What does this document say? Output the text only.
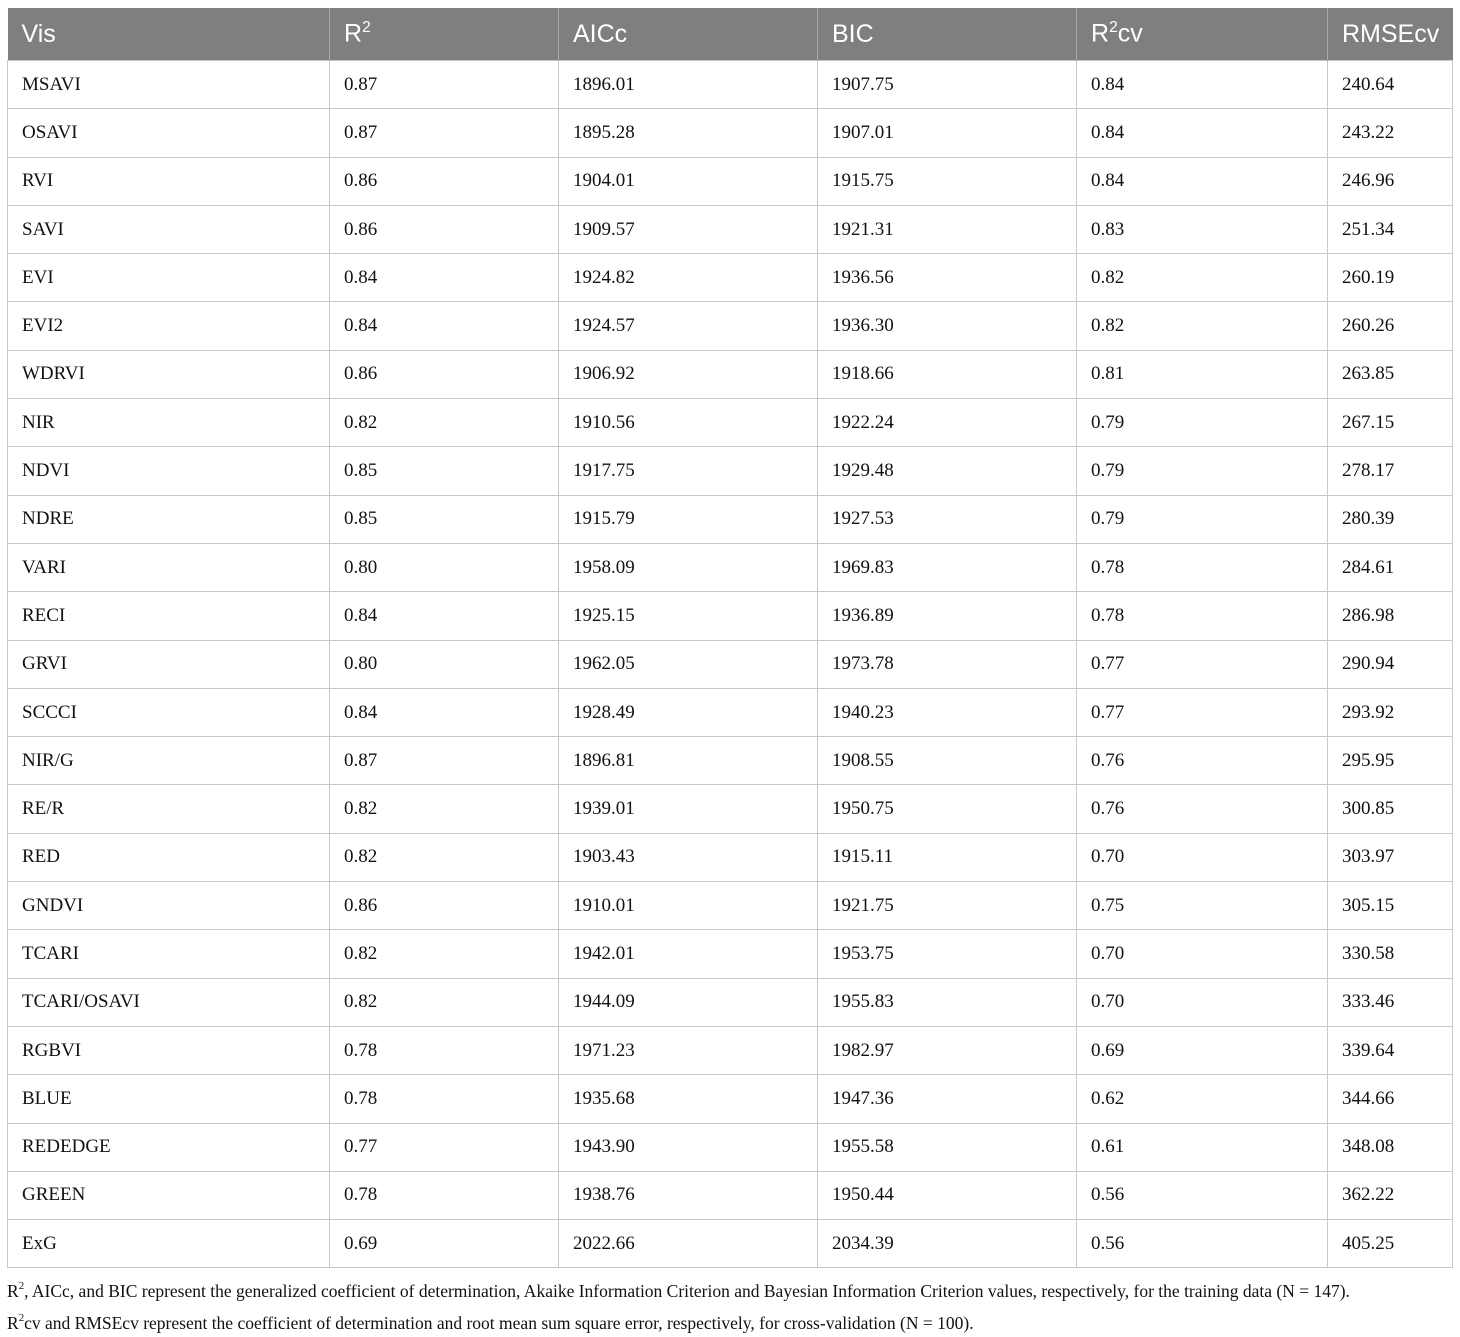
Vis	$R^2$	AICc	BIC	$R^2cv$	RMSEcv
MSAVI	0.87	1896.01	1907.75	0.84	240.64
OSAVI	0.87	1895.28	1907.01	0.84	243.22
RVI	0.86	1904.01	1915.75	0.84	246.96
SAVI	0.86	1909.57	1921.31	0.83	251.34
EVI	0.84	1924.82	1936.56	0.82	260.19
EVI2	0.84	1924.57	1936.30	0.82	260.26
WDRVI	0.86	1906.92	1918.66	0.81	263.85
NIR	0.82	1910.56	1922.24	0.79	267.15
NDVI	0.85	1917.75	1929.48	0.79	278.17
NDRE	0.85	1915.79	1927.53	0.79	280.39
VARI	0.80	1958.09	1969.83	0.78	284.61
RECI	0.84	1925.15	1936.89	0.78	286.98
GRVI	0.80	1962.05	1973.78	0.77	290.94
SCCCI	0.84	1928.49	1940.23	0.77	293.92
NIR/G	0.87	1896.81	1908.55	0.76	295.95
RE/R	0.82	1939.01	1950.75	0.76	300.85
RED	0.82	1903.43	1915.11	0.70	303.97
GNDVI	0.86	1910.01	1921.75	0.75	305.15
TCARI	0.82	1942.01	1953.75	0.70	330.58
TCARI/OSAVI	0.82	1944.09	1955.83	0.70	333.46
RGBVI	0.78	1971.23	1982.97	0.69	339.64
BLUE	0.78	1935.68	1947.36	0.62	344.66
REDEDGE	0.77	1943.90	1955.58	0.61	348.08
GREEN	0.78	1938.76	1950.44	0.56	362.22
ExG	0.69	2022.66	2034.39	0.56	405.25

$R^2$, AICc, and BIC represent the generalized coefficient of determination, Akaike Information Criterion and Bayesian Information Criterion values, respectively, for the training data (N = 147).

$R^2cv$ and RMSEcv represent the coefficient of determination and root mean sum square error, respectively, for cross-validation (N = 100).
